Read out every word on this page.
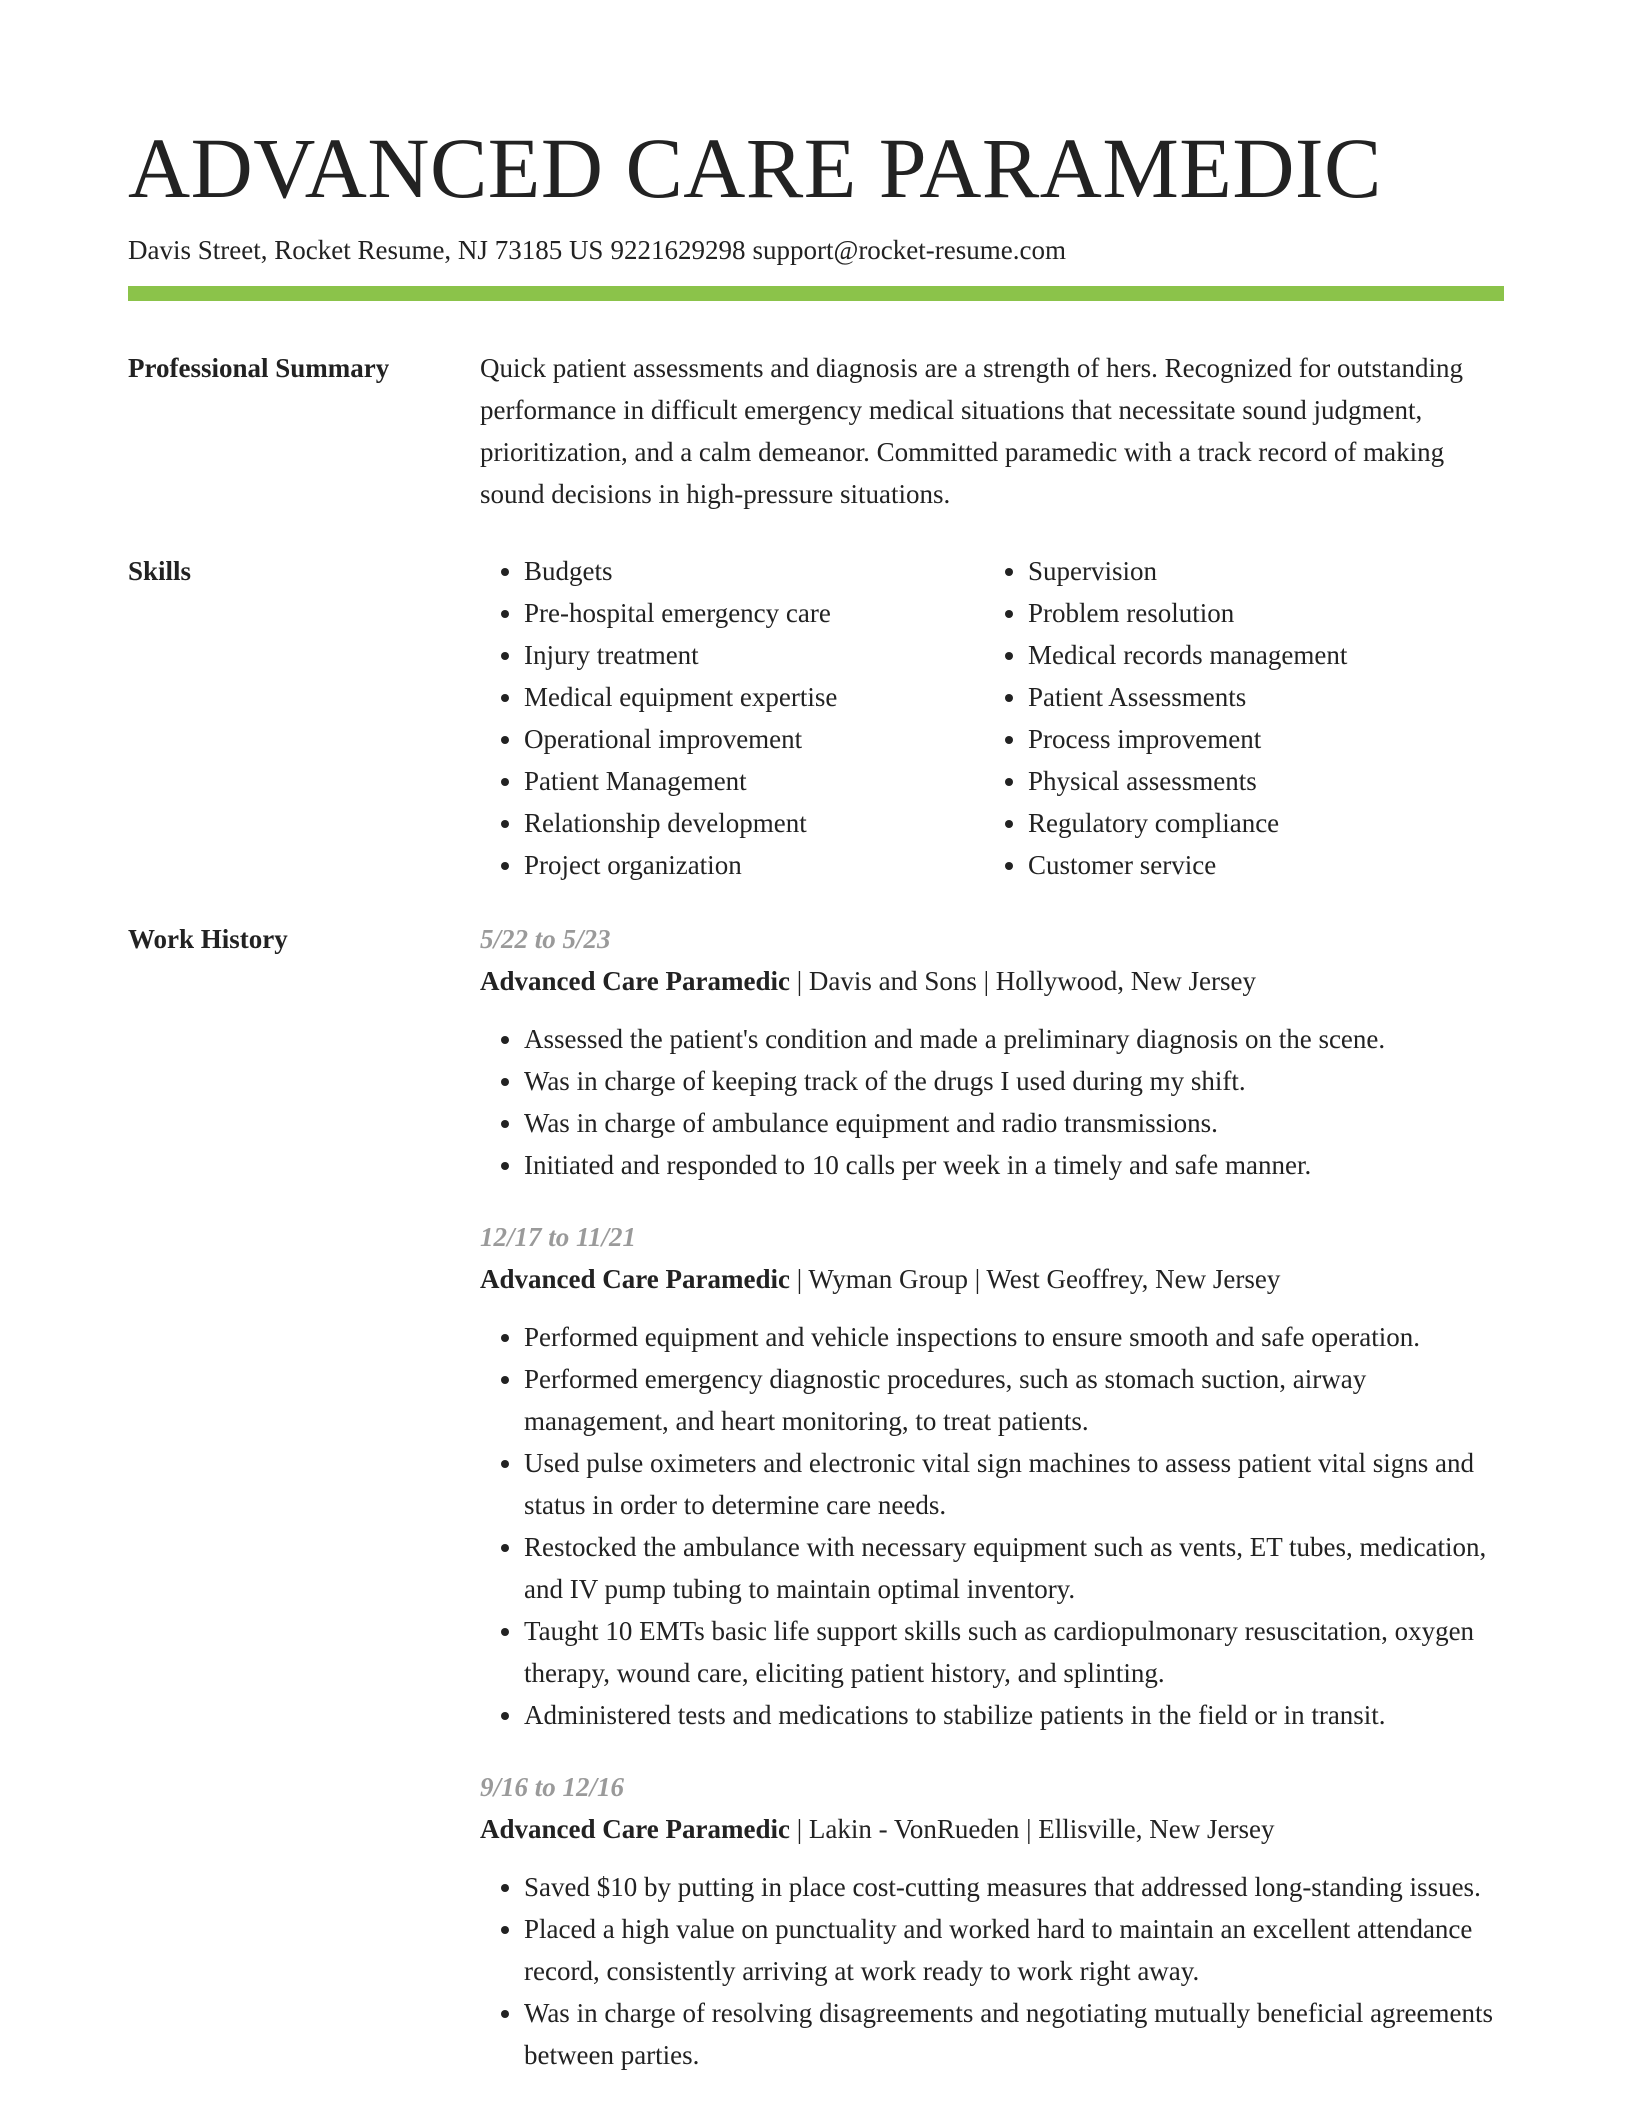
ADVANCED CARE PARAMEDIC
Davis Street, Rocket Resume, NJ 73185 US 9221629298 support@rocket-resume.com
Professional Summary	Quick patient assessments and diagnosis are a strength of hers. Recognized for outstanding performance in difficult emergency medical situations that necessitate sound judgment, prioritization, and a calm demeanor. Committed paramedic with a track record of making sound decisions in high-pressure situations.

Skills
•	Budgets
• Pre-hospital emergency care
• Injury treatment
• Medical equipment expertise
• Operational improvement
• Patient Management
• Relationship development
• Project organization
• Supervision
• Problem resolution
• Medical records management
• Patient Assessments
• Process improvement
• Physical assessments
• Regulatory compliance
• Customer service
Work History	5/22 to 5/23
Advanced Care Paramedic | Davis and Sons | Hollywood, New Jersey
• Assessed the patient's condition and made a preliminary diagnosis on the scene.
• Was in charge of keeping track of the drugs I used during my shift.
• Was in charge of ambulance equipment and radio transmissions.
• Initiated and responded to 10 calls per week in a timely and safe manner.
12/17 to 11/21
Advanced Care Paramedic | Wyman Group | West Geoffrey, New Jersey
• Performed equipment and vehicle inspections to ensure smooth and safe operation.
• Performed emergency diagnostic procedures, such as stomach suction, airway management, and heart monitoring, to treat patients.
• Used pulse oximeters and electronic vital sign machines to assess patient vital signs and status in order to determine care needs.
• Restocked the ambulance with necessary equipment such as vents, ET tubes, medication, and IV pump tubing to maintain optimal inventory.
• Taught 10 EMTs basic life support skills such as cardiopulmonary resuscitation, oxygen therapy, wound care, eliciting patient history, and splinting.
• Administered tests and medications to stabilize patients in the field or in transit.
9/16 to 12/16
Advanced Care Paramedic | Lakin - VonRueden | Ellisville, New Jersey
• Saved $10 by putting in place cost-cutting measures that addressed long-standing issues.
• Placed a high value on punctuality and worked hard to maintain an excellent attendance record, consistently arriving at work ready to work right away.
• Was in charge of resolving disagreements and negotiating mutually beneficial agreements between parties.
